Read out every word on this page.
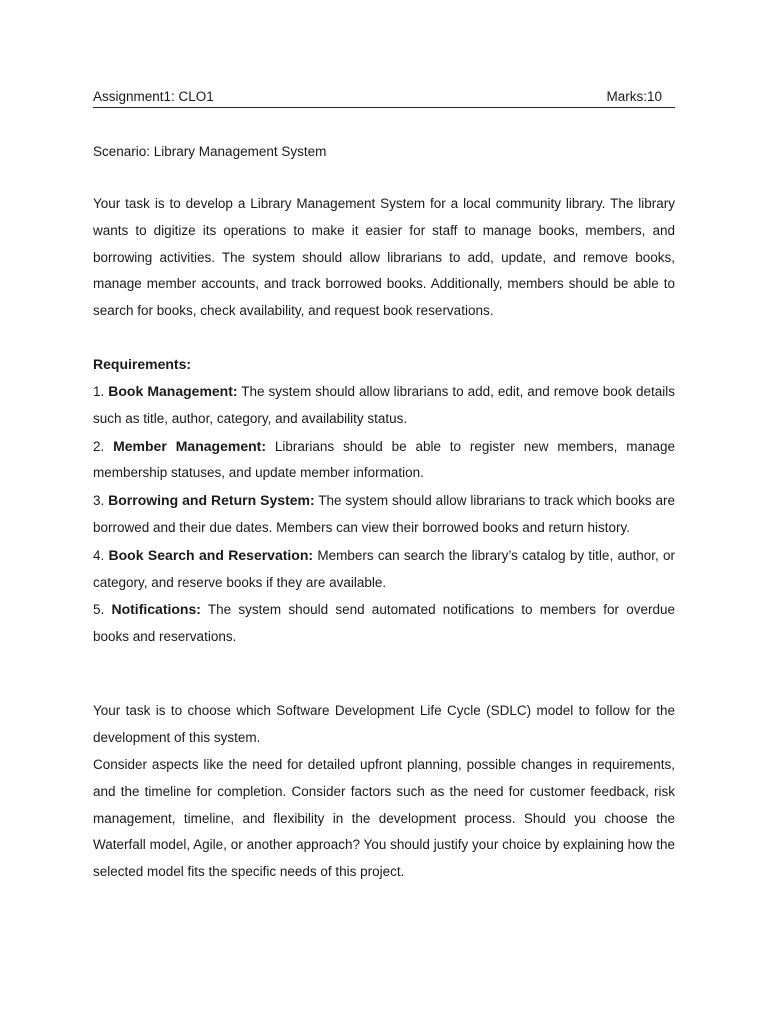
Assignment1: CLO1	Marks:10
Scenario: Library Management System

Your task is to develop a Library Management System for a local community library. The library wants to digitize its operations to make it easier for staff to manage books, members, and borrowing activities. The system should allow librarians to add, update, and remove books, manage member accounts, and track borrowed books. Additionally, members should be able to search for books, check availability, and request book reservations.

Requirements:
1. Book Management: The system should allow librarians to add, edit, and remove book details such as title, author, category, and availability status.
2. Member Management: Librarians should be able to register new members, manage membership statuses, and update member information.
3. Borrowing and Return System: The system should allow librarians to track which books are borrowed and their due dates. Members can view their borrowed books and return history.
4. Book Search and Reservation: Members can search the library’s catalog by title, author, or category, and reserve books if they are available.
5. Notifications: The system should send automated notifications to members for overdue books and reservations.

Your task is to choose which Software Development Life Cycle (SDLC) model to follow for the development of this system.

Consider aspects like the need for detailed upfront planning, possible changes in requirements, and the timeline for completion. Consider factors such as the need for customer feedback, risk management, timeline, and flexibility in the development process. Should you choose the Waterfall model, Agile, or another approach? You should justify your choice by explaining how the selected model fits the specific needs of this project.
